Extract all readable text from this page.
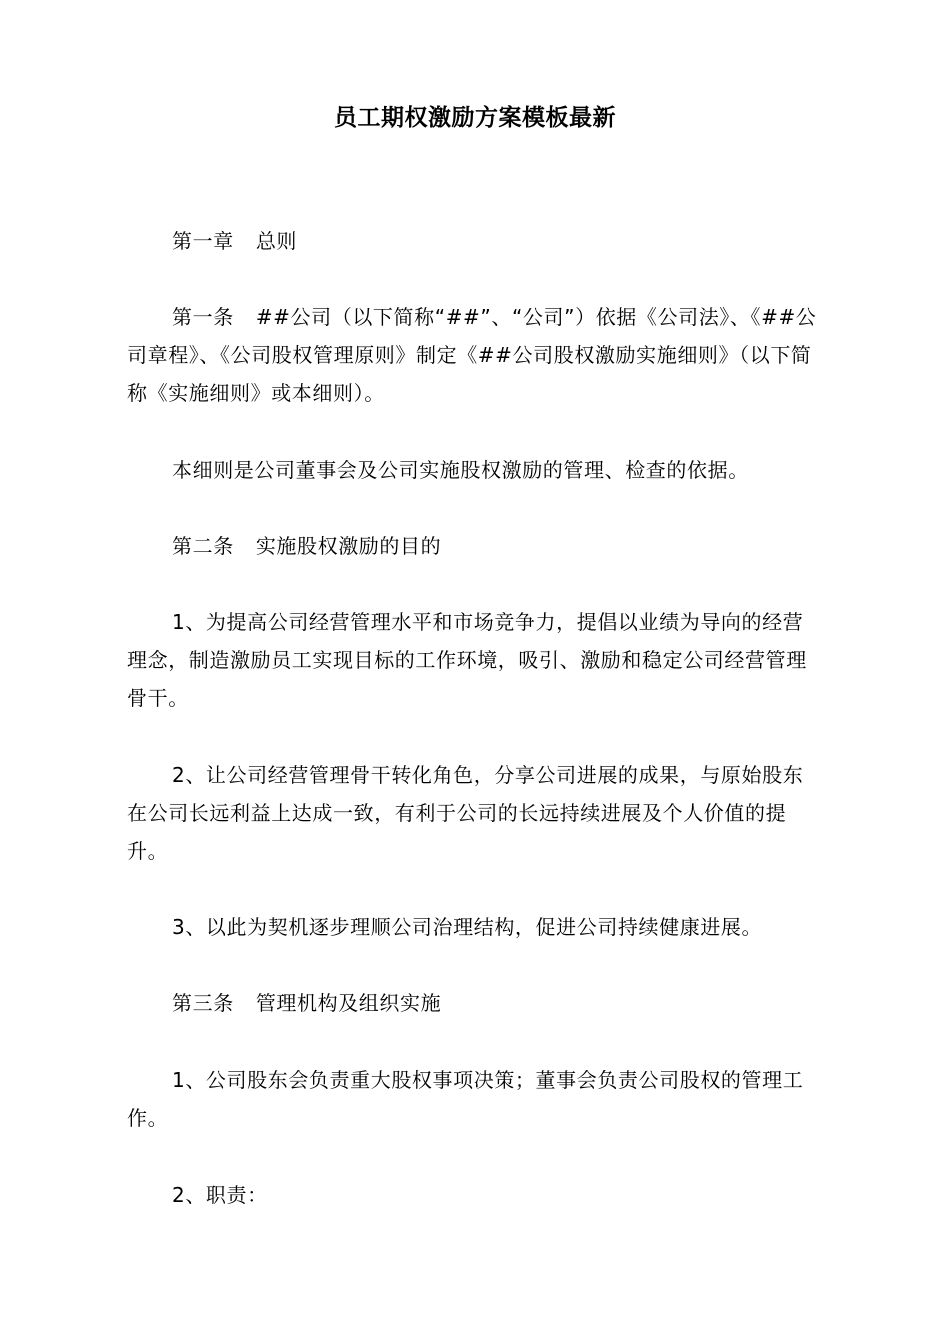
员工期权激励方案模板最新

第一章 总则

第一条 ##公司（以下简称“##”、“公司”）依据《公司法》、《##公司章程》、《公司股权管理原则》制定《##公司股权激励实施细则》（以下简称《实施细则》或本细则）。

本细则是公司董事会及公司实施股权激励的管理、检查的依据。

第二条 实施股权激励的目的

1、为提高公司经营管理水平和市场竞争力，提倡以业绩为导向的经营理念，制造激励员工实现目标的工作环境，吸引、激励和稳定公司经营管理骨干。

2、让公司经营管理骨干转化角色，分享公司进展的成果，与原始股东在公司长远利益上达成一致，有利于公司的长远持续进展及个人价值的提升。

3、以此为契机逐步理顺公司治理结构，促进公司持续健康进展。

第三条 管理机构及组织实施

1、公司股东会负责重大股权事项决策；董事会负责公司股权的管理工作。

2、职责：
